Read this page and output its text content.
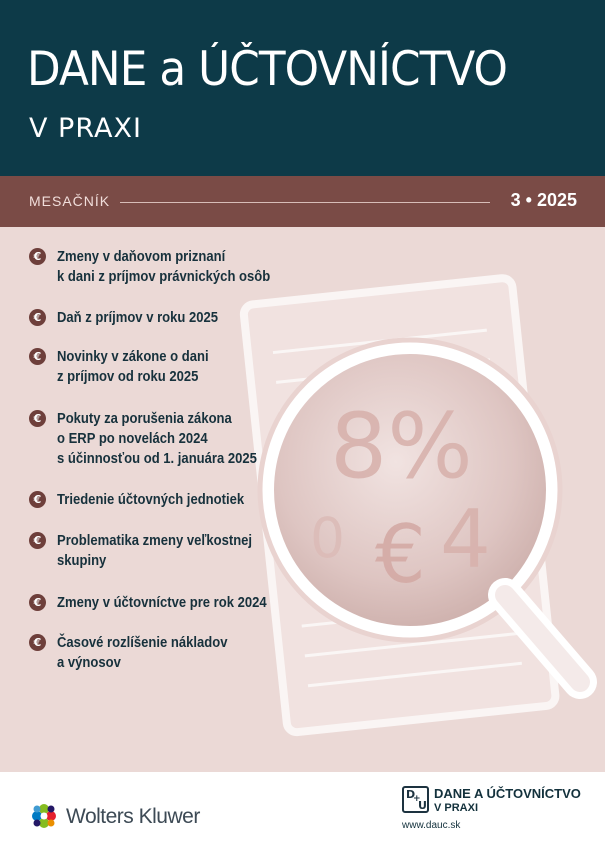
DANE a ÚČTOVNÍCTVO
V PRAXI
MESAČNÍK	3 • 2025
8%
0 € 4
€	Zmeny v daňovom priznaní
k dani z príjmov právnických osôb
€	Daň z príjmov v roku 2025
€	Novinky v zákone o dani
z príjmov od roku 2025
€	Pokuty za porušenia zákona
o ERP po novelách 2024
s účinnosťou od 1. januára 2025
€	Triedenie účtovných jednotiek
€	Problematika zmeny veľkostnej
skupiny
€	Zmeny v účtovníctve pre rok 2024
€	Časové rozlíšenie nákladov
a výnosov
Wolters Kluwer
D
+
U
DANE A ÚČTOVNÍCTVO
V PRAXI
www.dauc.sk
